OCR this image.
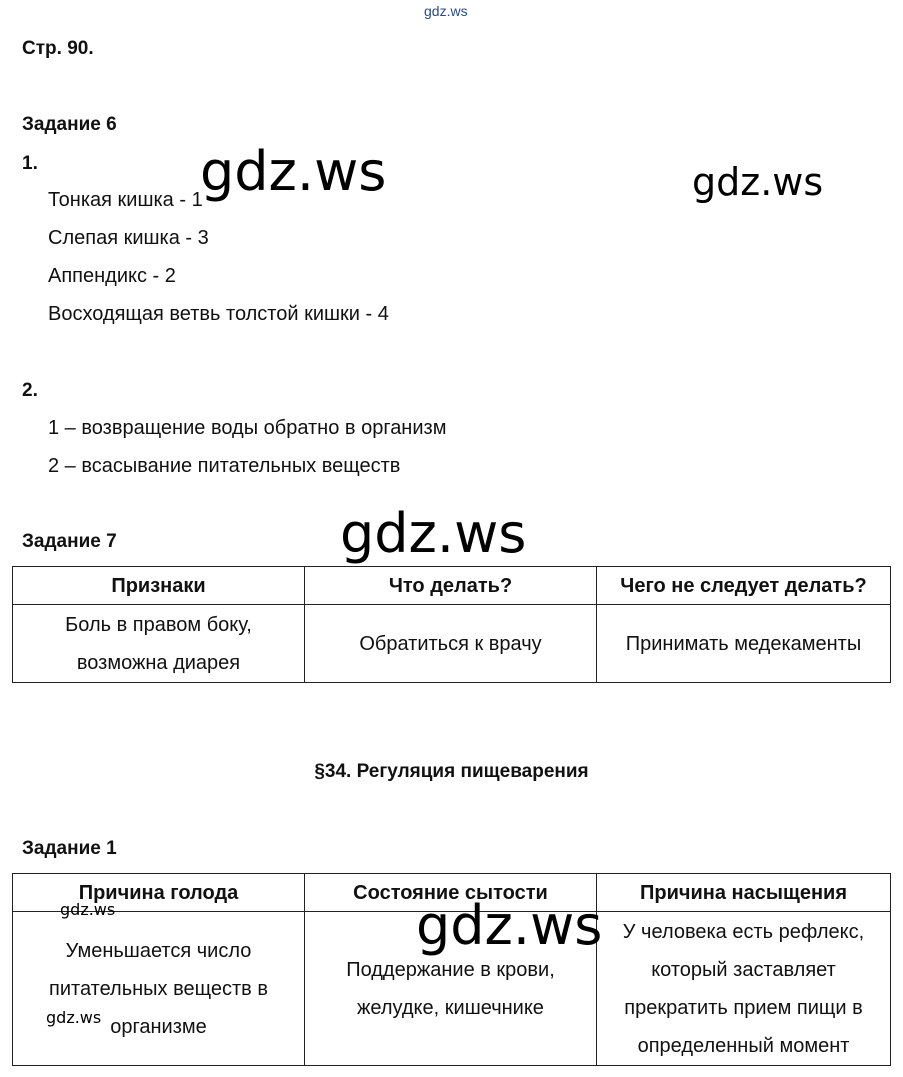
gdz.ws
Стр. 90.
Задание 6
1.
Тонкая кишка - 1
Слепая кишка - 3
Аппендикс - 2
Восходящая ветвь толстой кишки - 4
2.
1 – возвращение воды обратно в организм
2 – всасывание питательных веществ
Задание 7
Признаки	Что делать?	Чего не следует делать?

Боль в правом боку,
возможна диарея	Обратиться к врачу	Принимать медекаменты
§34. Регуляция пищеварения
Задание 1
Причина голода	Состояние сытости	Причина насыщения

Уменьшается число
питательных веществ в
организме	Поддержание в крови,
желудке, кишечнике	У человека есть рефлекс,
который заставляет
прекратить прием пищи в
определенный момент
gdz.ws	gdz.ws
gdz.ws
gdz.ws
gdz.ws
gdz.ws
